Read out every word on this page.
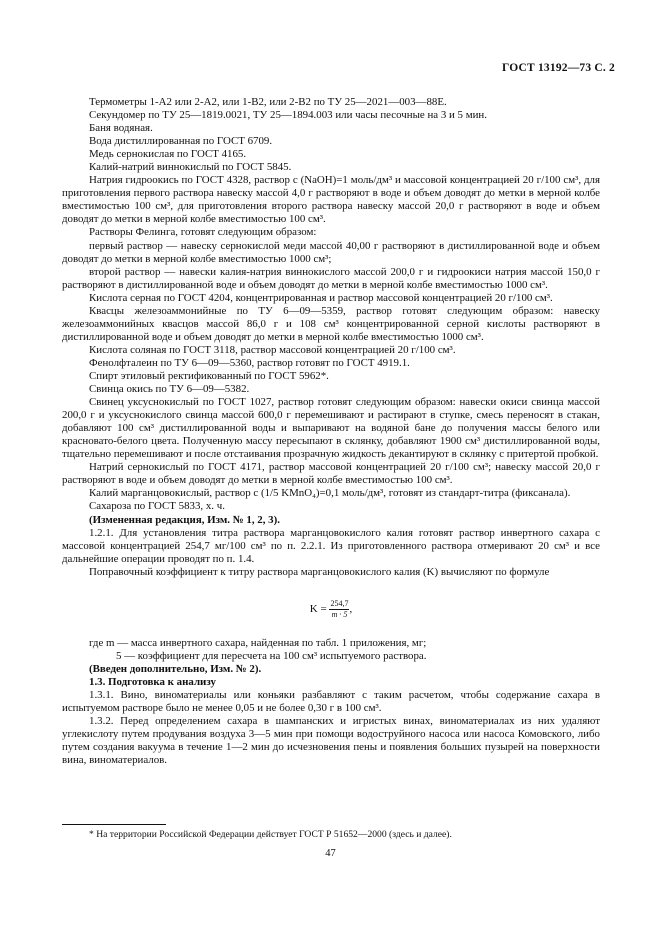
ГОСТ 13192—73 С. 2

Термометры 1-А2 или 2-А2, или 1-В2, или 2-В2 по ТУ 25—2021—003—88Е.

Секундомер по ТУ 25—1819.0021, ТУ 25—1894.003 или часы песочные на 3 и 5 мин.

Баня водяная.

Вода дистиллированная по ГОСТ 6709.

Медь сернокислая по ГОСТ 4165.

Калий-натрий виннокислый по ГОСТ 5845.

Натрия гидроокись по ГОСТ 4328, раствор c (NaOH)=1 моль/дм³ и массовой концентрацией 20 г/100 см³, для приготовления первого раствора навеску массой 4,0 г растворяют в воде и объем доводят до метки в мерной колбе вместимостью 100 см³, для приготовления второго раствора навеску массой 20,0 г растворяют в воде и объем доводят до метки в мерной колбе вместимостью 100 см³.

Растворы Фелинга, готовят следующим образом:

первый раствор — навеску сернокислой меди массой 40,00 г растворяют в дистиллированной воде и объем доводят до метки в мерной колбе вместимостью 1000 см³;

второй раствор — навески калия-натрия виннокислого массой 200,0 г и гидроокиси натрия массой 150,0 г растворяют в дистиллированной воде и объем доводят до метки в мерной колбе вместимостью 1000 см³.

Кислота серная по ГОСТ 4204, концентрированная и раствор массовой концентрацией 20 г/100 см³.

Квасцы железоаммонийные по ТУ 6—09—5359, раствор готовят следующим образом: навеску железоаммонийных квасцов массой 86,0 г и 108 см³ концентрированной серной кислоты растворяют в дистиллированной воде и объем доводят до метки в мерной колбе вместимостью 1000 см³.

Кислота соляная по ГОСТ 3118, раствор массовой концентрацией 20 г/100 см³.

Фенолфталеин по ТУ 6—09—5360, раствор готовят по ГОСТ 4919.1.

Спирт этиловый ректификованный по ГОСТ 5962*.

Свинца окись по ТУ 6—09—5382.

Свинец уксуснокислый по ГОСТ 1027, раствор готовят следующим образом: навески окиси свинца массой 200,0 г и уксуснокислого свинца массой 600,0 г перемешивают и растирают в ступке, смесь переносят в стакан, добавляют 100 см³ дистиллированной воды и выпаривают на водяной бане до получения массы белого или красновато-белого цвета. Полученную массу пересыпают в склянку, добавляют 1900 см³ дистиллированной воды, тщательно перемешивают и после отстаивания прозрачную жидкость декантируют в склянку с притертой пробкой.

Натрий сернокислый по ГОСТ 4171, раствор массовой концентрацией 20 г/100 см³; навеску массой 20,0 г растворяют в воде и объем доводят до метки в мерной колбе вместимостью 100 см³.

Калий марганцовокислый, раствор c (1/5 KMnO₄)=0,1 моль/дм³, готовят из стандарт-титра (фиксанала).

Сахароза по ГОСТ 5833, х. ч.

(Измененная редакция, Изм. № 1, 2, 3).

1.2.1. Для установления титра раствора марганцовокислого калия готовят раствор инвертного сахара с массовой концентрацией 254,7 мг/100 см³ по п. 2.2.1. Из приготовленного раствора отмеривают 20 см³ и все дальнейшие операции проводят по п. 1.4.

Поправочный коэффициент к титру раствора марганцовокислого калия (K) вычисляют по формуле

$K = \frac{254,7}{m \cdot 5}$ ,

где m — масса инвертного сахара, найденная по табл. 1 приложения, мг;

5 — коэффициент для пересчета на 100 см³ испытуемого раствора.

(Введен дополнительно, Изм. № 2).

1.3. Подготовка к анализу

1.3.1. Вино, виноматериалы или коньяки разбавляют с таким расчетом, чтобы содержание сахара в испытуемом растворе было не менее 0,05 и не более 0,30 г в 100 см³.

1.3.2. Перед определением сахара в шампанских и игристых винах, виноматериалах из них удаляют углекислоту путем продувания воздуха 3—5 мин при помощи водоструйного насоса или насоса Комовского, либо путем создания вакуума в течение 1—2 мин до исчезновения пены и появления больших пузырей на поверхности вина, виноматериалов.

* На территории Российской Федерации действует ГОСТ Р 51652—2000 (здесь и далее).
47
